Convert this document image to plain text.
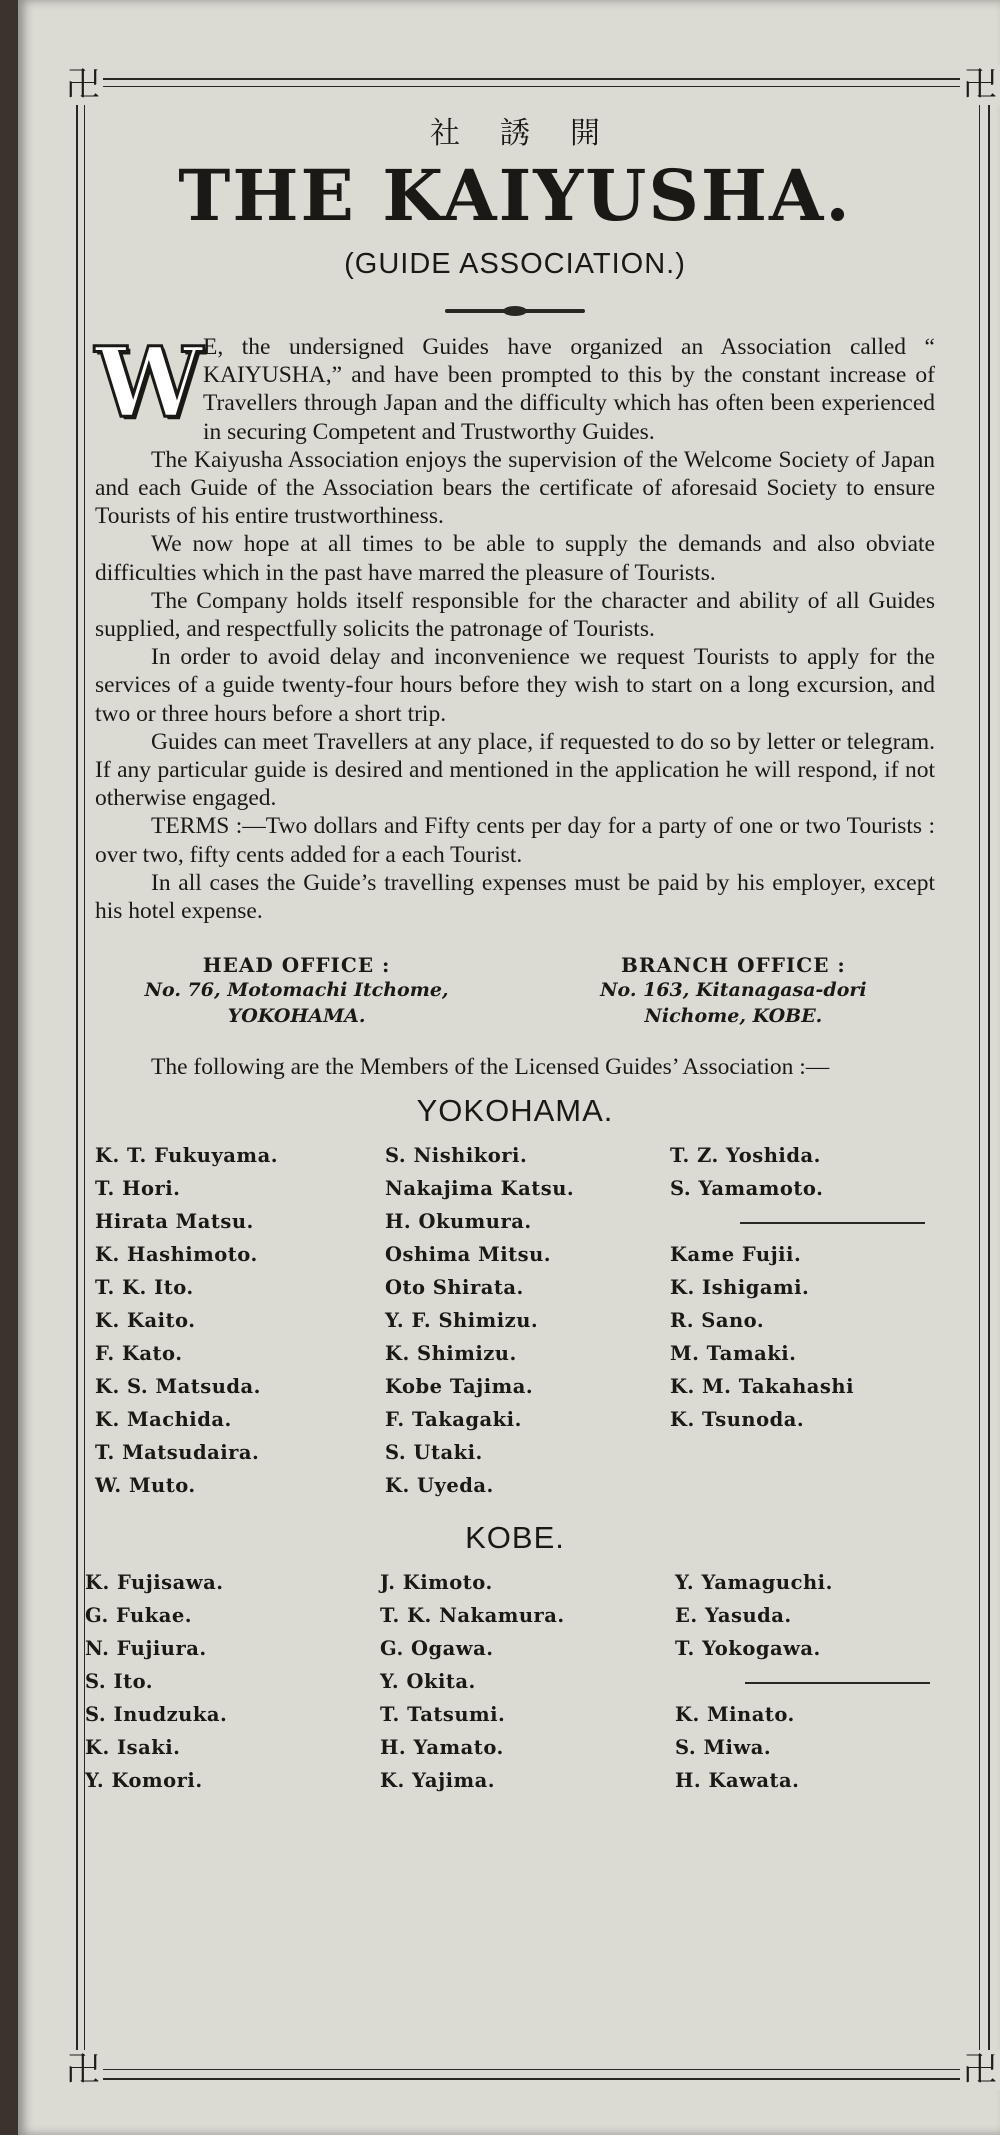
卍	卍
卍	卍
社誘開
THE KAIYUSHA.
(GUIDE ASSOCIATION.)

W E, the undersigned Guides have organized an Association called “ KAIYUSHA,” and have been prompted to this by the constant increase of Travellers through Japan and the difficulty which has often been experienced in securing Competent and Trustworthy Guides.

The Kaiyusha Association enjoys the supervision of the Welcome Society of Japan and each Guide of the Association bears the certificate of aforesaid Society to ensure Tourists of his entire trustworthiness.

We now hope at all times to be able to supply the demands and also obviate difficulties which in the past have marred the pleasure of Tourists.

The Company holds itself responsible for the character and ability of all Guides supplied, and respectfully solicits the patronage of Tourists.

In order to avoid delay and inconvenience we request Tourists to apply for the services of a guide twenty-four hours before they wish to start on a long excursion, and two or three hours before a short trip.

Guides can meet Travellers at any place, if requested to do so by letter or telegram. If any particular guide is desired and mentioned in the application he will respond, if not otherwise engaged.

TERMS :—Two dollars and Fifty cents per day for a party of one or two Tourists : over two, fifty cents added for a each Tourist.

In all cases the Guide’s travelling expenses must be paid by his employer, except his hotel expense.

HEAD OFFICE :
No. 76, Motomachi Itchome,
YOKOHAMA.
BRANCH OFFICE :
No. 163, Kitanagasa-dori
Nichome, KOBE.
The following are the Members of the Licensed Guides’ Association :—
YOKOHAMA.
K. T. Fukuyama.
T. Hori.
Hirata Matsu.
K. Hashimoto.
T. K. Ito.
K. Kaito.
F. Kato.
K. S. Matsuda.
K. Machida.
T. Matsudaira.
W. Muto.
S. Nishikori.
Nakajima Katsu.
H. Okumura.
Oshima Mitsu.
Oto Shirata.
Y. F. Shimizu.
K. Shimizu.
Kobe Tajima.
F. Takagaki.
S. Utaki.
K. Uyeda.
T. Z. Yoshida.
S. Yamamoto.
Kame Fujii.
K. Ishigami.
R. Sano.
M. Tamaki.
K. M. Takahashi
K. Tsunoda.
KOBE.
K. Fujisawa.
G. Fukae.
N. Fujiura.
S. Ito.
S. Inudzuka.
K. Isaki.
Y. Komori.
J. Kimoto.
T. K. Nakamura.
G. Ogawa.
Y. Okita.
T. Tatsumi.
H. Yamato.
K. Yajima.
Y. Yamaguchi.
E. Yasuda.
T. Yokogawa.
K. Minato.
S. Miwa.
H. Kawata.
